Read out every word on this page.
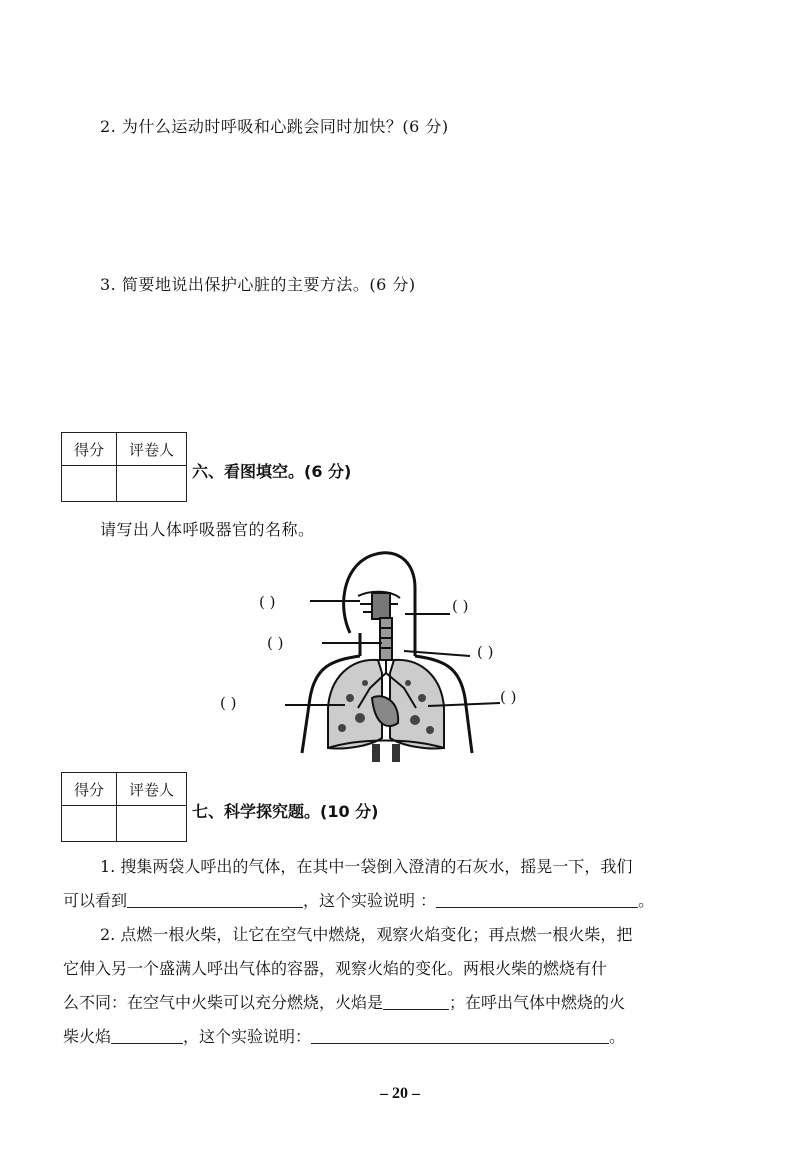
2. 为什么运动时呼吸和心跳会同时加快？(6 分)
3. 简要地说出保护心脏的主要方法。(6 分)
得分	评卷人
六、看图填空。(6 分)
请写出人体呼吸器官的名称。
( )
( )
( )
( )
( )
( )
得分	评卷人
七、科学探究题。(10 分)
1. 搜集两袋人呼出的气体，在其中一袋倒入澄清的石灰水，摇晃一下，我们
可以看到	，这个实验说明 ：	。
2. 点燃一根火柴，让它在空气中燃烧，观察火焰变化；再点燃一根火柴，把
它伸入另一个盛满人呼出气体的容器，观察火焰的变化。两根火柴的燃烧有什
么不同：在空气中火柴可以充分燃烧，火焰是	；在呼出气体中燃烧的火
柴火焰	，这个实验说明：	。
– 20 –
